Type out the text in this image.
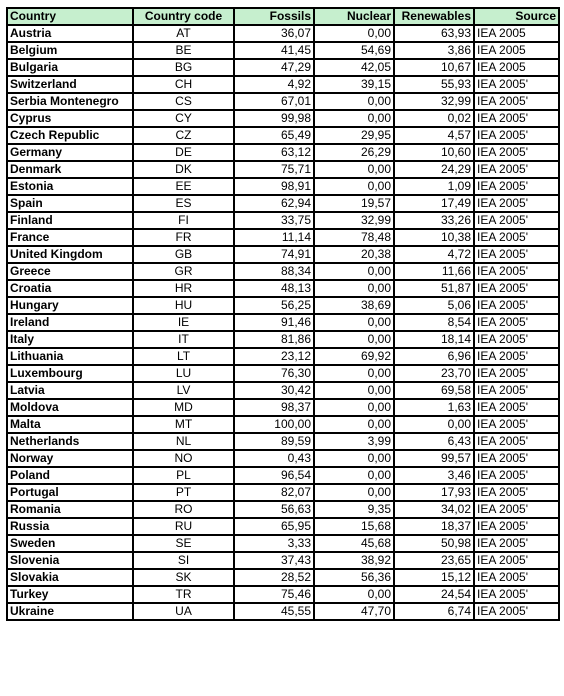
Country	Country code	Fossils	Nuclear	Renewables	Source
Austria	AT	36,07	0,00	63,93	IEA 2005
Belgium	BE	41,45	54,69	3,86	IEA 2005
Bulgaria	BG	47,29	42,05	10,67	IEA 2005
Switzerland	CH	4,92	39,15	55,93	IEA 2005'
Serbia Montenegro	CS	67,01	0,00	32,99	IEA 2005'
Cyprus	CY	99,98	0,00	0,02	IEA 2005'
Czech Republic	CZ	65,49	29,95	4,57	IEA 2005'
Germany	DE	63,12	26,29	10,60	IEA 2005'
Denmark	DK	75,71	0,00	24,29	IEA 2005'
Estonia	EE	98,91	0,00	1,09	IEA 2005'
Spain	ES	62,94	19,57	17,49	IEA 2005'
Finland	FI	33,75	32,99	33,26	IEA 2005'
France	FR	11,14	78,48	10,38	IEA 2005'
United Kingdom	GB	74,91	20,38	4,72	IEA 2005'
Greece	GR	88,34	0,00	11,66	IEA 2005'
Croatia	HR	48,13	0,00	51,87	IEA 2005'
Hungary	HU	56,25	38,69	5,06	IEA 2005'
Ireland	IE	91,46	0,00	8,54	IEA 2005'
Italy	IT	81,86	0,00	18,14	IEA 2005'
Lithuania	LT	23,12	69,92	6,96	IEA 2005'
Luxembourg	LU	76,30	0,00	23,70	IEA 2005'
Latvia	LV	30,42	0,00	69,58	IEA 2005'
Moldova	MD	98,37	0,00	1,63	IEA 2005'
Malta	MT	100,00	0,00	0,00	IEA 2005'
Netherlands	NL	89,59	3,99	6,43	IEA 2005'
Norway	NO	0,43	0,00	99,57	IEA 2005'
Poland	PL	96,54	0,00	3,46	IEA 2005'
Portugal	PT	82,07	0,00	17,93	IEA 2005'
Romania	RO	56,63	9,35	34,02	IEA 2005'
Russia	RU	65,95	15,68	18,37	IEA 2005'
Sweden	SE	3,33	45,68	50,98	IEA 2005'
Slovenia	SI	37,43	38,92	23,65	IEA 2005'
Slovakia	SK	28,52	56,36	15,12	IEA 2005'
Turkey	TR	75,46	0,00	24,54	IEA 2005'
Ukraine	UA	45,55	47,70	6,74	IEA 2005'
